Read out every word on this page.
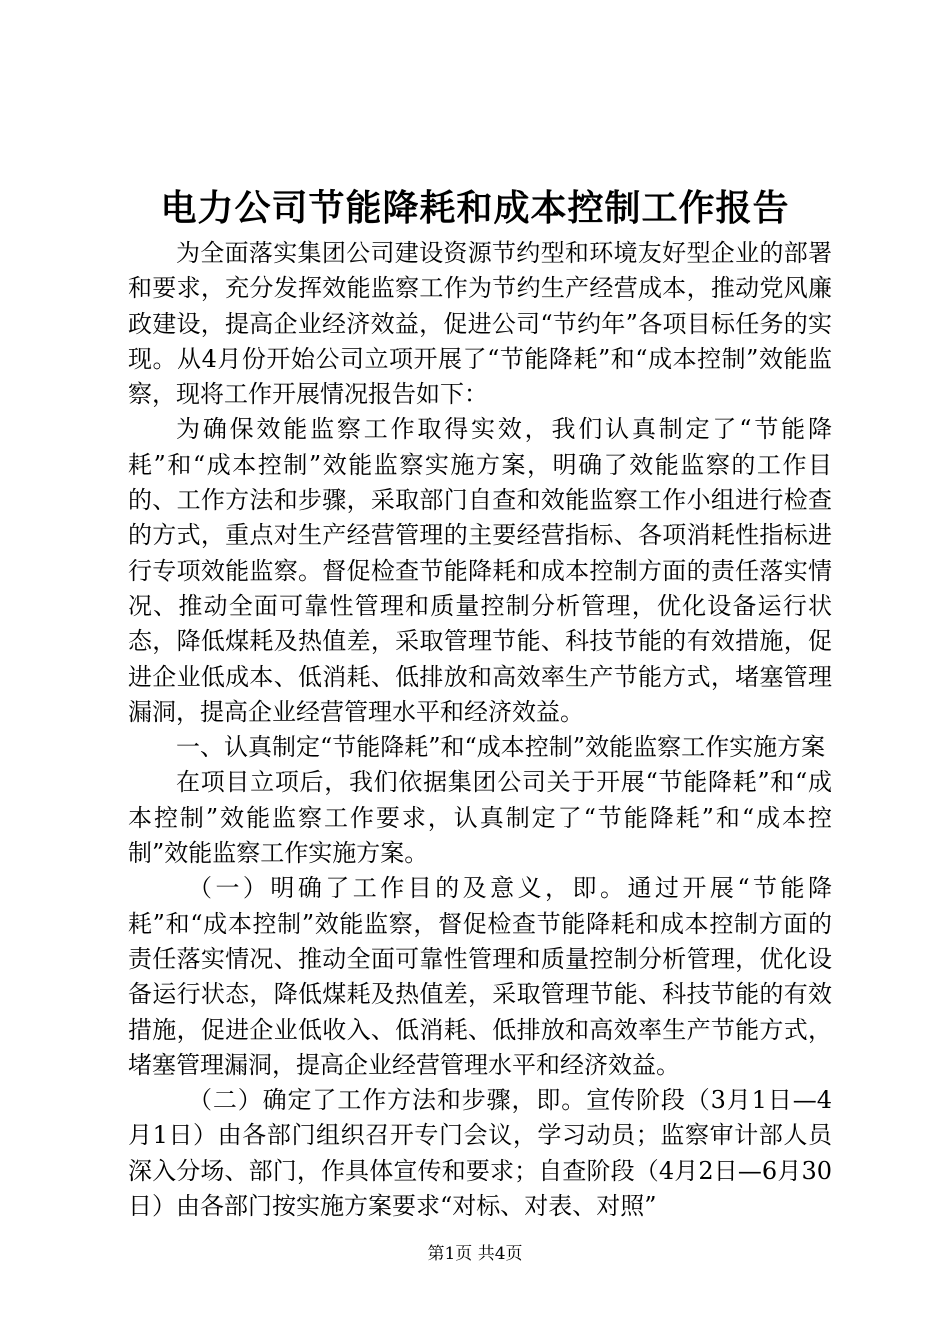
电力公司节能降耗和成本控制工作报告

为全面落实集团公司建设资源节约型和环境友好型企业的部署和要求，充分发挥效能监察工作为节约生产经营成本，推动党风廉政建设，提高企业经济效益，促进公司“节约年”各项目标任务的实现。从4月份开始公司立项开展了“节能降耗”和“成本控制”效能监察，现将工作开展情况报告如下：

为确保效能监察工作取得实效，我们认真制定了“节能降耗”和“成本控制”效能监察实施方案，明确了效能监察的工作目的、工作方法和步骤，采取部门自查和效能监察工作小组进行检查的方式，重点对生产经营管理的主要经营指标、各项消耗性指标进行专项效能监察。督促检查节能降耗和成本控制方面的责任落实情况、推动全面可靠性管理和质量控制分析管理，优化设备运行状态，降低煤耗及热值差，采取管理节能、科技节能的有效措施，促进企业低成本、低消耗、低排放和高效率生产节能方式，堵塞管理漏洞，提高企业经营管理水平和经济效益。

一、认真制定“节能降耗”和“成本控制”效能监察工作实施方案

在项目立项后，我们依据集团公司关于开展“节能降耗”和“成本控制”效能监察工作要求，认真制定了“节能降耗”和“成本控制”效能监察工作实施方案。

（一）明确了工作目的及意义，即。通过开展“节能降耗”和“成本控制”效能监察，督促检查节能降耗和成本控制方面的责任落实情况、推动全面可靠性管理和质量控制分析管理，优化设备运行状态，降低煤耗及热值差，采取管理节能、科技节能的有效措施，促进企业低收入、低消耗、低排放和高效率生产节能方式，堵塞管理漏洞，提高企业经营管理水平和经济效益。

（二）确定了工作方法和步骤，即。宣传阶段（3月1日—4月1日）由各部门组织召开专门会议，学习动员；监察审计部人员深入分场、部门，作具体宣传和要求；自查阶段（4月2日—6月30日）由各部门按实施方案要求“对标、对表、对照”

第1页 共4页
